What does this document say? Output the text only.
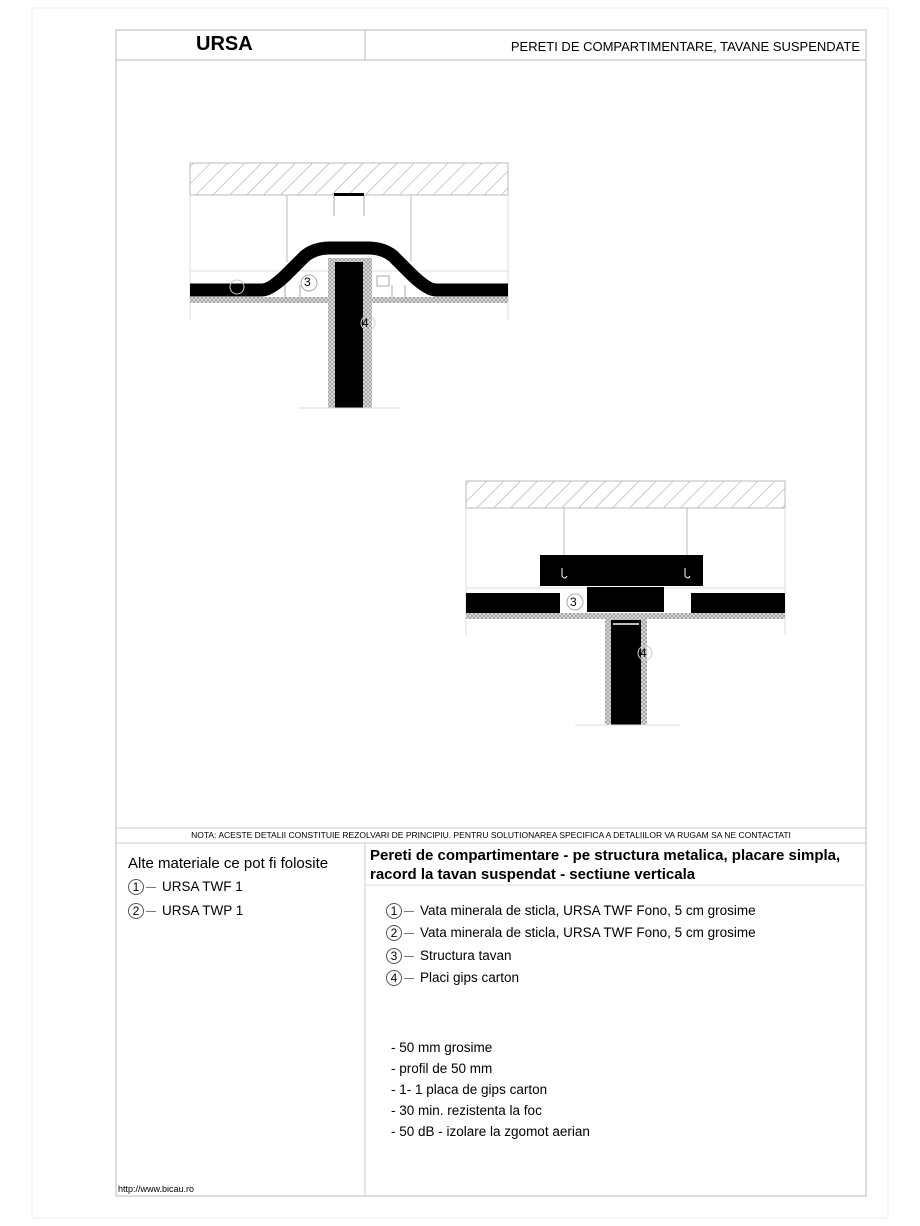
URSA	PERETI DE COMPARTIMENTARE, TAVANE SUSPENDATE
3
4
3
4
NOTA: ACESTE DETALII CONSTITUIE REZOLVARI DE PRINCIPIU. PENTRU SOLUTIONAREA SPECIFICA A DETALIILOR VA RUGAM SA NE CONTACTATI
Alte materiale ce pot fi folosite
1 URSA TWF 1
2 URSA TWP 1
Pereti de compartimentare - pe structura metalica, placare simpla,
racord la tavan suspendat - sectiune verticala
1 Vata minerala de sticla, URSA TWF Fono, 5 cm grosime
2 Vata minerala de sticla, URSA TWF Fono, 5 cm grosime
3 Structura tavan
4 Placi gips carton
- 50 mm grosime
- profil de 50 mm
- 1- 1 placa de gips carton
- 30 min. rezistenta la foc
- 50 dB - izolare la zgomot aerian
http://www.bicau.ro
